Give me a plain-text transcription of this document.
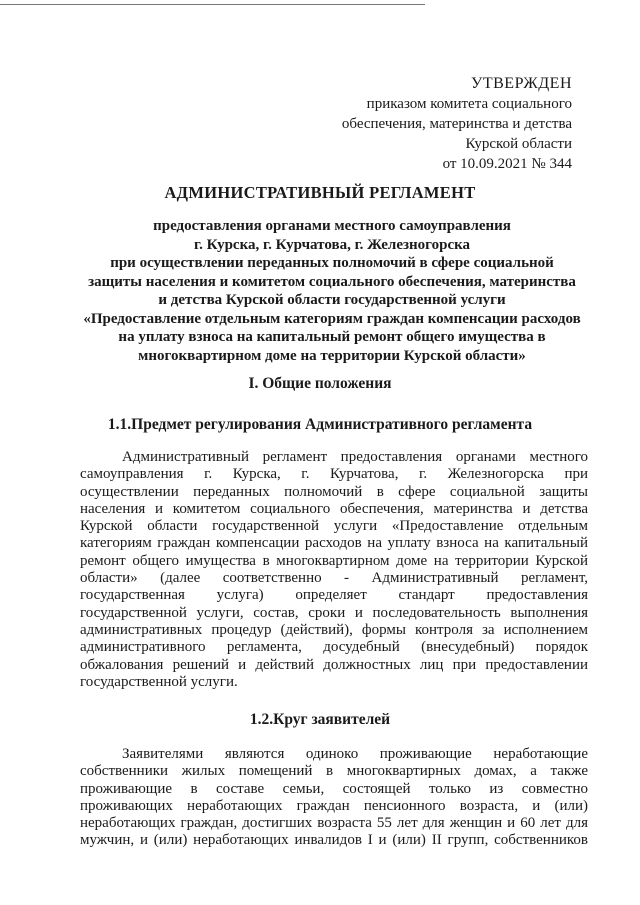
УТВЕРЖДЕН
приказом комитета социального
обеспечения, материнства и детства
Курской области
от 10.09.2021 № 344
АДМИНИСТРАТИВНЫЙ РЕГЛАМЕНТ
предоставления органами местного самоуправления
г. Курска, г. Курчатова, г. Железногорска
при осуществлении переданных полномочий в сфере социальной
защиты населения и комитетом социального обеспечения, материнства
и детства Курской области государственной услуги
«Предоставление отдельным категориям граждан компенсации расходов
на уплату взноса на капитальный ремонт общего имущества в
многоквартирном доме на территории Курской области»
I. Общие положения
1.1.Предмет регулирования Административного регламента
Административный регламент предоставления органами местного
самоуправления г. Курска, г. Курчатова, г. Железногорска при
осуществлении переданных полномочий в сфере социальной защиты
населения и комитетом социального обеспечения, материнства и детства
Курской области государственной услуги «Предоставление отдельным
категориям граждан компенсации расходов на уплату взноса на капитальный
ремонт общего имущества в многоквартирном доме на территории Курской
области» (далее соответственно - Административный регламент,
государственная услуга) определяет стандарт предоставления
государственной услуги, состав, сроки и последовательность выполнения
административных процедур (действий), формы контроля за исполнением
административного регламента, досудебный (внесудебный) порядок
обжалования решений и действий должностных лиц при предоставлении
государственной услуги.
1.2.Круг заявителей
Заявителями являются одиноко проживающие неработающие
собственники жилых помещений в многоквартирных домах, а также
проживающие в составе семьи, состоящей только из совместно
проживающих неработающих граждан пенсионного возраста, и (или)
неработающих граждан, достигших возраста 55 лет для женщин и 60 лет для
мужчин, и (или) неработающих инвалидов I и (или) II групп, собственников
